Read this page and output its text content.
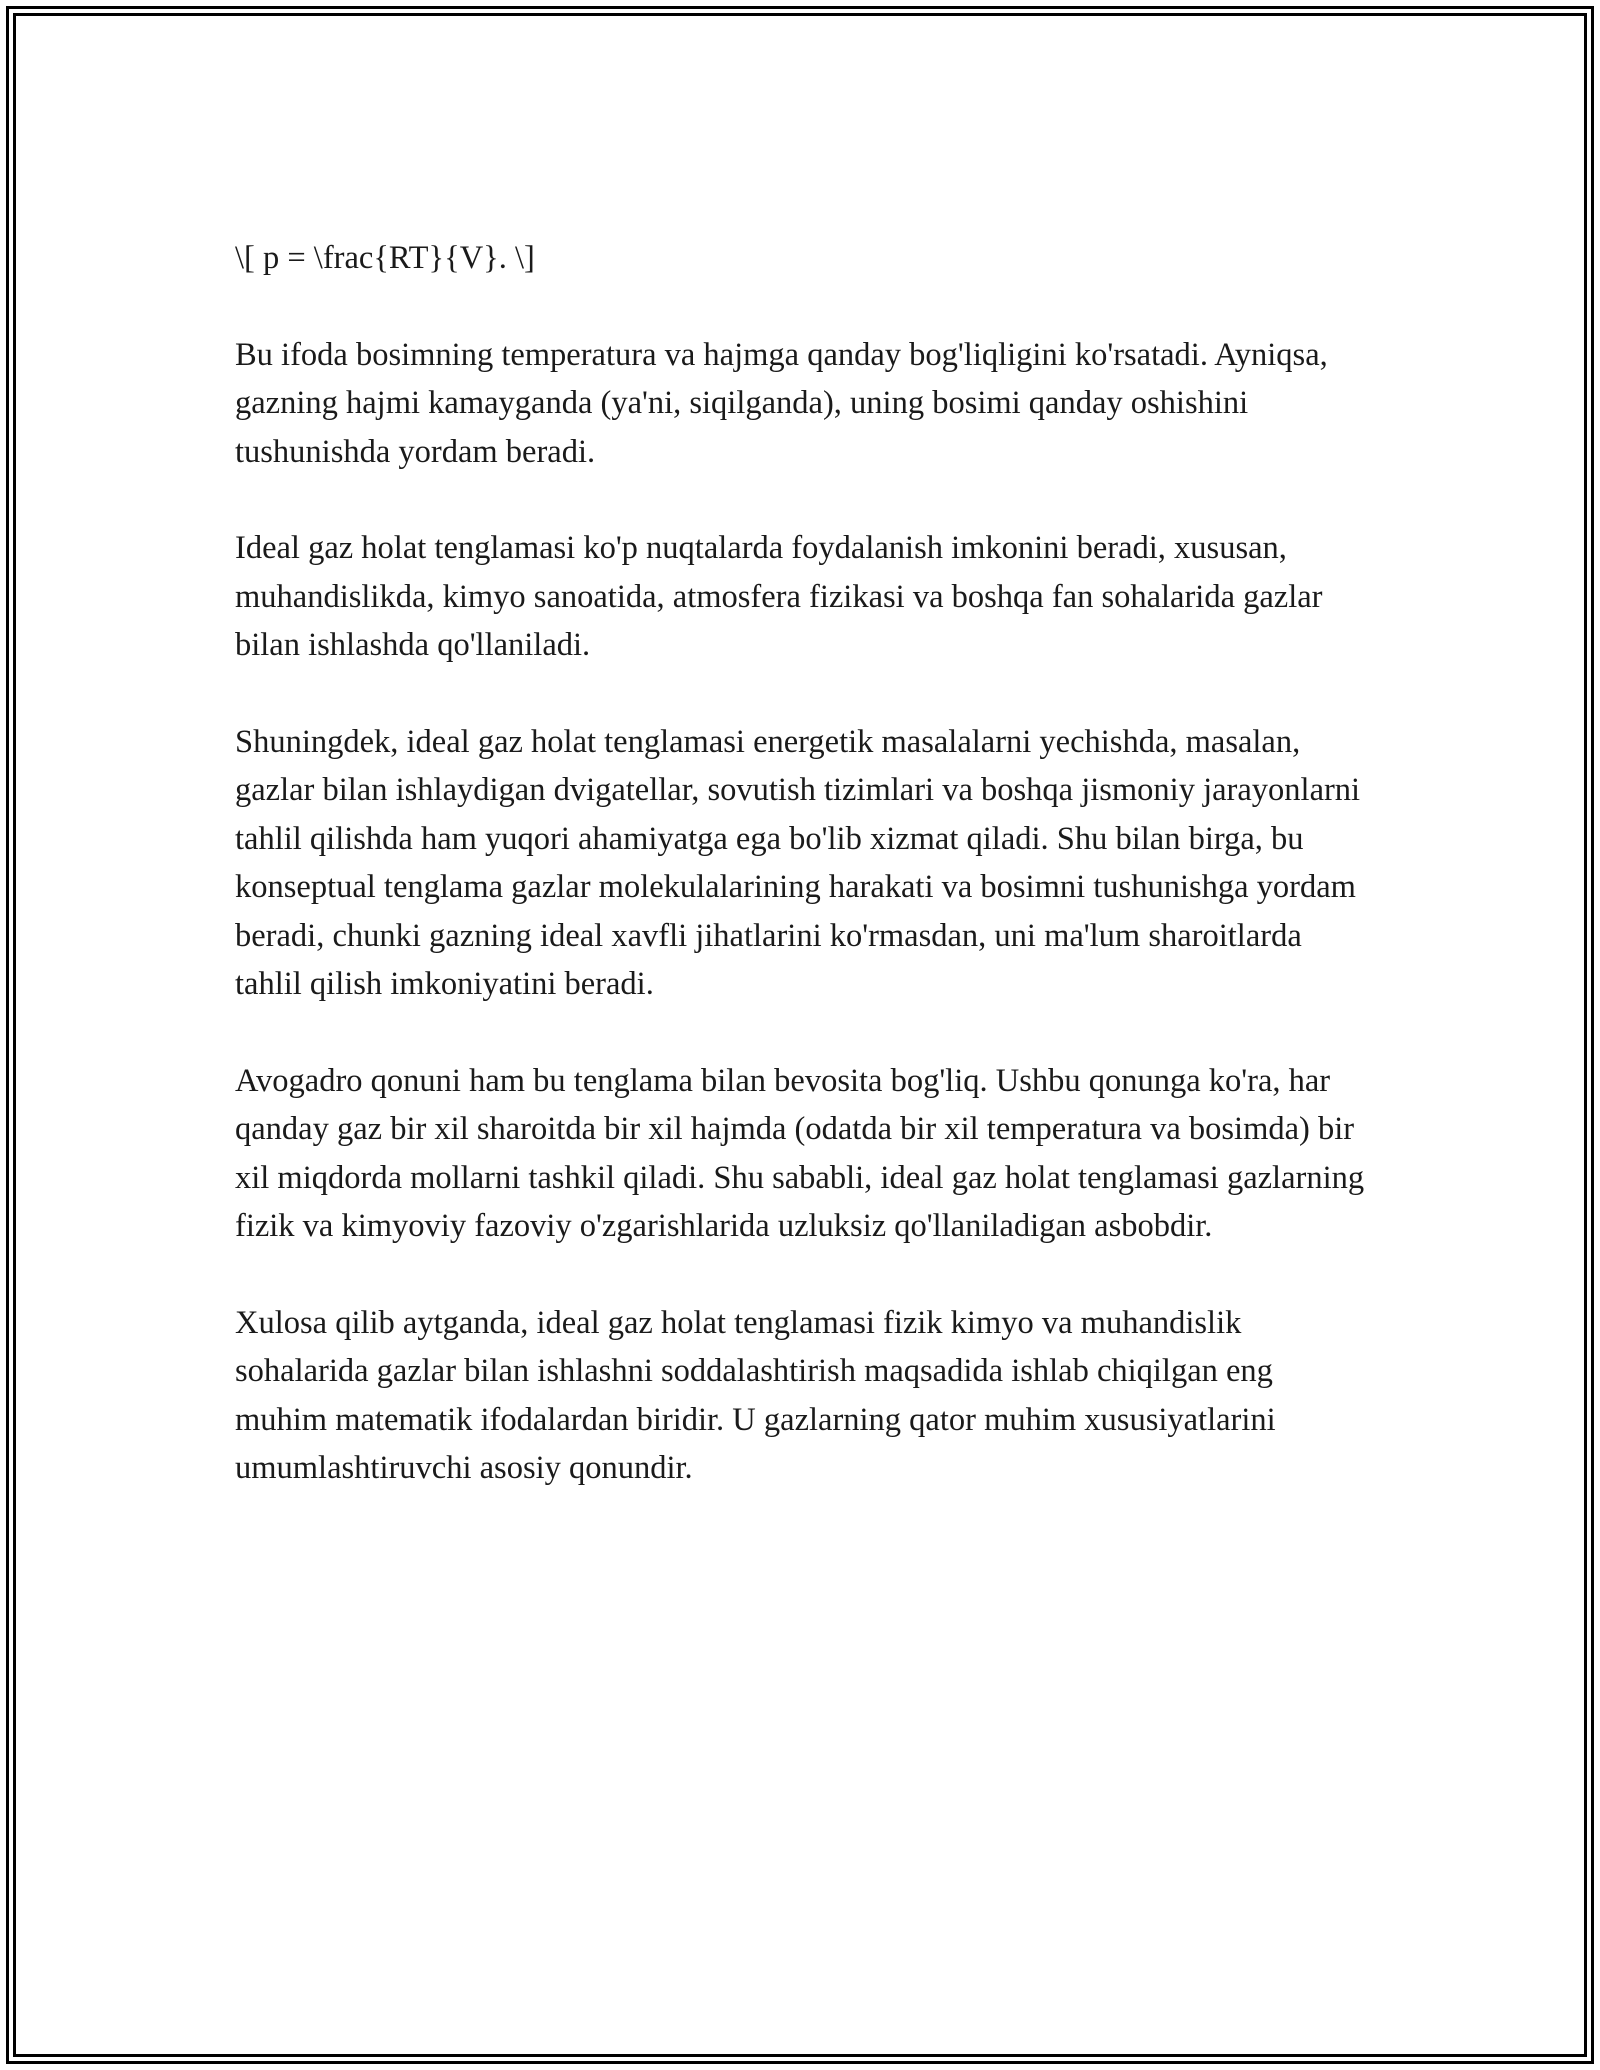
\[ p = \frac{RT}{V}. \]

Bu ifoda bosimning temperatura va hajmga qanday bog'liqligini ko'rsatadi. Ayniqsa, gazning hajmi kamayganda (ya'ni, siqilganda), uning bosimi qanday oshishini tushunishda yordam beradi.

Ideal gaz holat tenglamasi ko'p nuqtalarda foydalanish imkonini beradi, xususan, muhandislikda, kimyo sanoatida, atmosfera fizikasi va boshqa fan sohalarida gazlar bilan ishlashda qo'llaniladi.

Shuningdek, ideal gaz holat tenglamasi energetik masalalarni yechishda, masalan, gazlar bilan ishlaydigan dvigatellar, sovutish tizimlari va boshqa jismoniy jarayonlarni tahlil qilishda ham yuqori ahamiyatga ega bo'lib xizmat qiladi. Shu bilan birga, bu konseptual tenglama gazlar molekulalarining harakati va bosimni tushunishga yordam beradi, chunki gazning ideal xavfli jihatlarini ko'rmasdan, uni ma'lum sharoitlarda tahlil qilish imkoniyatini beradi.

Avogadro qonuni ham bu tenglama bilan bevosita bog'liq. Ushbu qonunga ko'ra, har qanday gaz bir xil sharoitda bir xil hajmda (odatda bir xil temperatura va bosimda) bir xil miqdorda mollarni tashkil qiladi. Shu sababli, ideal gaz holat tenglamasi gazlarning fizik va kimyoviy fazoviy o'zgarishlarida uzluksiz qo'llaniladigan asbobdir.

Xulosa qilib aytganda, ideal gaz holat tenglamasi fizik kimyo va muhandislik sohalarida gazlar bilan ishlashni soddalashtirish maqsadida ishlab chiqilgan eng muhim matematik ifodalardan biridir. U gazlarning qator muhim xususiyatlarini umumlashtiruvchi asosiy qonundir.
